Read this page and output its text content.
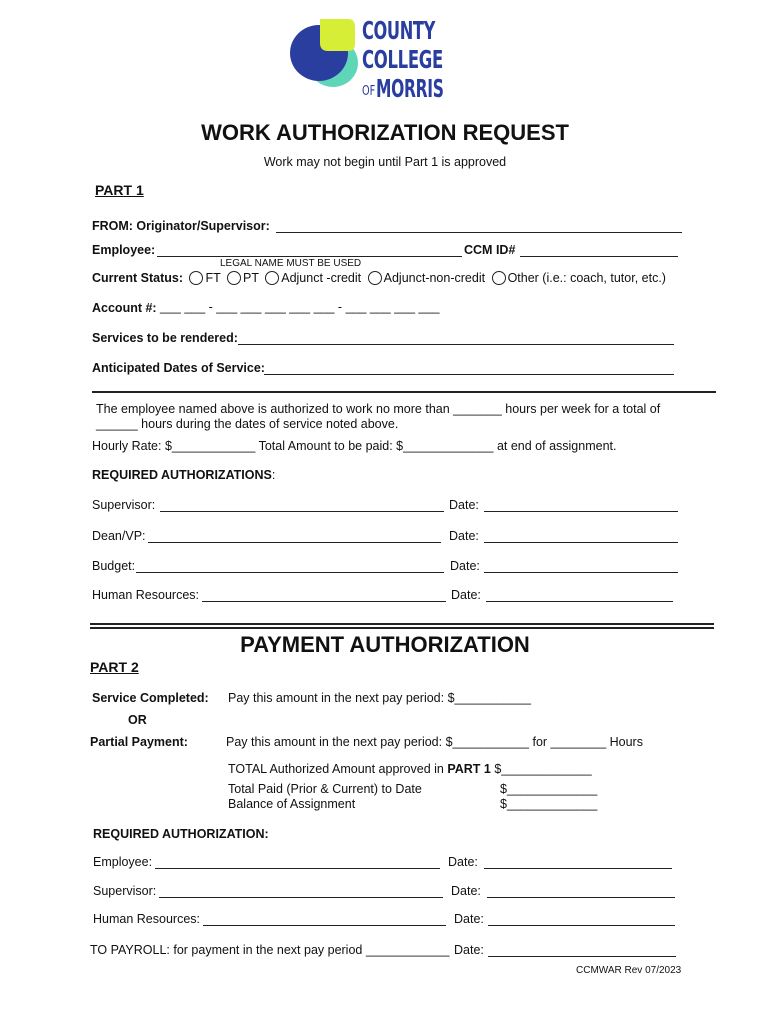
COUNTY
COLLEGE
OF MORRIS
WORK AUTHORIZATION REQUEST
Work may not begin until Part 1 is approved
PART 1
FROM: Originator/Supervisor:
Employee:	CCM ID#
LEGAL NAME MUST BE USED
Current Status: FT PT Adjunct -credit Adjunct-non-credit Other (i.e.: coach, tutor, etc.)
Account #: ___ ___ - ___ ___ ___ ___ ___ - ___ ___ ___ ___
Services to be rendered:
Anticipated Dates of Service:
The employee named above is authorized to work no more than _______ hours per week for a total of
______ hours during the dates of service noted above.
Hourly Rate: $____________ Total Amount to be paid: $_____________ at end of assignment.
REQUIRED AUTHORIZATIONS:
Supervisor:	Date:
Dean/VP:	Date:
Budget:	Date:
Human Resources:	Date:
PAYMENT AUTHORIZATION
PART 2
Service Completed: Pay this amount in the next pay period: $___________
OR
Partial Payment:	Pay this amount in the next pay period: $___________ for ________ Hours
TOTAL Authorized Amount approved in PART 1 $_____________
Total Paid (Prior & Current) to Date	$_____________
Balance of Assignment	$_____________
REQUIRED AUTHORIZATION:
Employee:	Date:
Supervisor:	Date:
Human Resources:	Date:
TO PAYROLL: for payment in the next pay period ____________ Date:
CCMWAR Rev 07/2023
